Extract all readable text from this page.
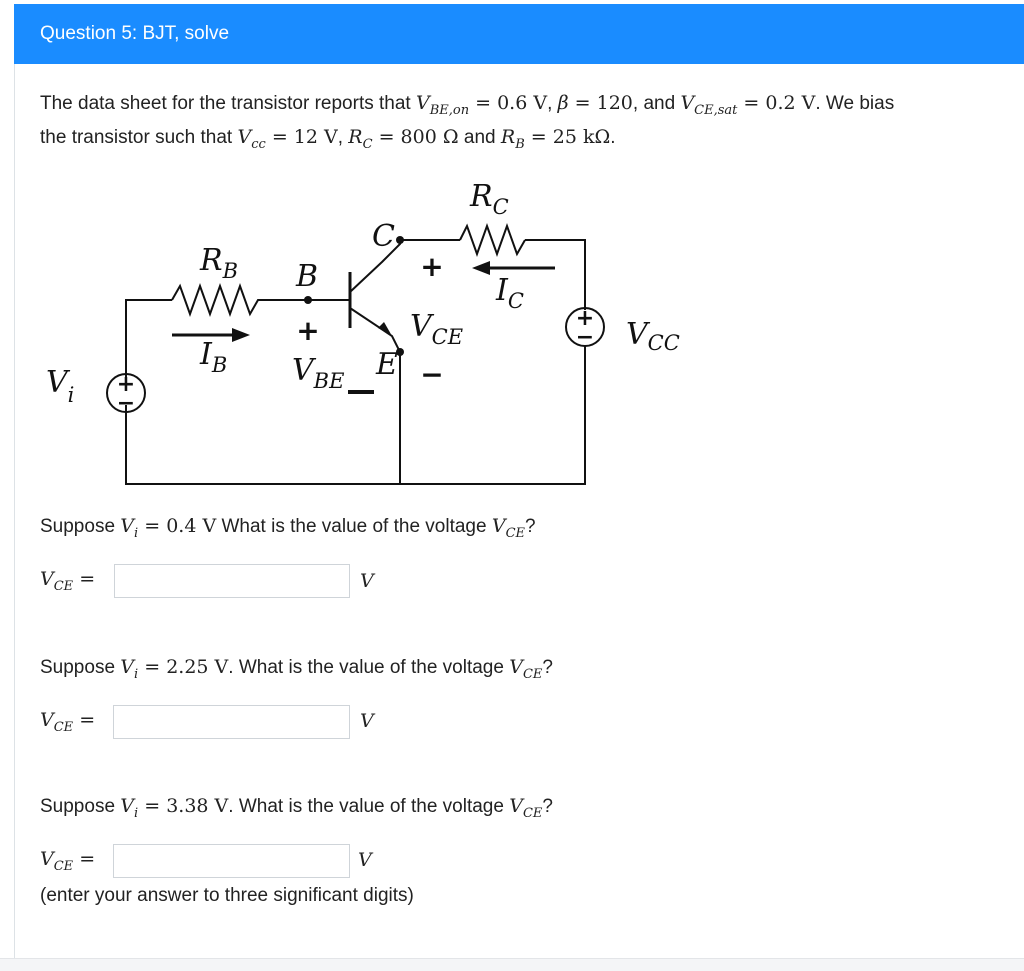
Question 5: BJT, solve
The data sheet for the transistor reports that $V_{BE,on} = 0.6$ V, β = 120, and $V_{CE,sat} = 0.2$ V. We bias
the transistor such that $V_{cc} = 12$ V, $R_C = 800$ Ω and $R_B = 25$ kΩ.
+
−
+
−
+
−
+
$R_C$
C
$R_B$ B	$I_C$
$I_B$
$V_{CE}$
$V_{BE}$ E
$V_i$
$V_{CC}$
Suppose $V_i = 0.4$ V What is the value of the voltage $V_{CE}$?
$V_{CE}$ =	V
Suppose $V_i = 2.25$ V. What is the value of the voltage $V_{CE}$?
$V_{CE}$ =	V
Suppose $V_i = 3.38$ V. What is the value of the voltage $V_{CE}$?
$V_{CE}$ =	V
(enter your answer to three significant digits)
